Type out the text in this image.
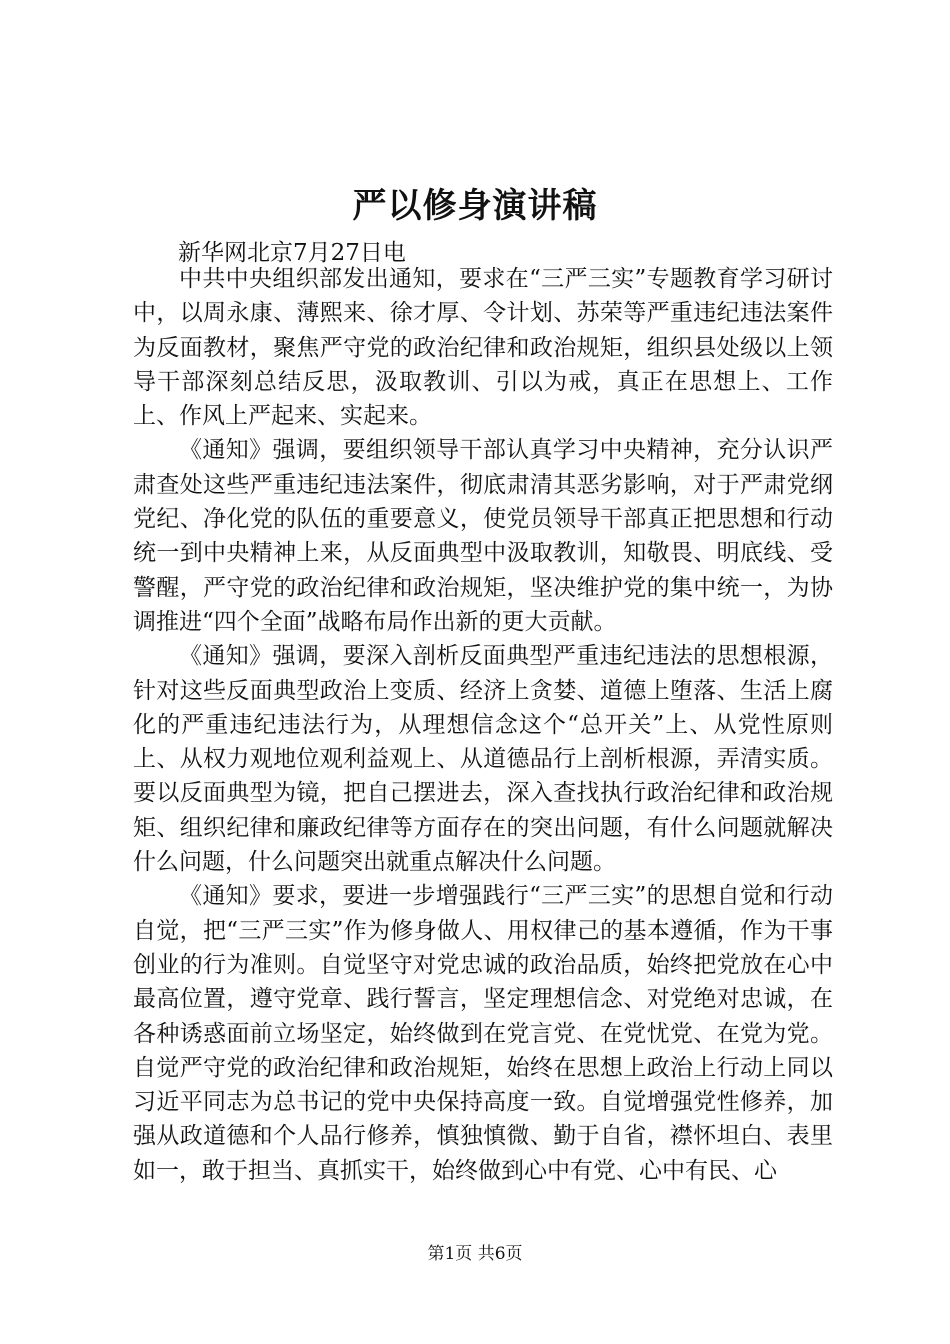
严以修身演讲稿
新华网北京7月27日电

中共中央组织部发出通知，要求在“三严三实”专题教育学习研讨中，以周永康、薄熙来、徐才厚、令计划、苏荣等严重违纪违法案件为反面教材，聚焦严守党的政治纪律和政治规矩，组织县处级以上领导干部深刻总结反思，汲取教训、引以为戒，真正在思想上、工作上、作风上严起来、实起来。

《通知》强调，要组织领导干部认真学习中央精神，充分认识严肃查处这些严重违纪违法案件，彻底肃清其恶劣影响，对于严肃党纲党纪、净化党的队伍的重要意义，使党员领导干部真正把思想和行动统一到中央精神上来，从反面典型中汲取教训，知敬畏、明底线、受警醒，严守党的政治纪律和政治规矩，坚决维护党的集中统一，为协调推进“四个全面”战略布局作出新的更大贡献。

《通知》强调，要深入剖析反面典型严重违纪违法的思想根源，针对这些反面典型政治上变质、经济上贪婪、道德上堕落、生活上腐化的严重违纪违法行为，从理想信念这个“总开关”上、从党性原则上、从权力观地位观利益观上、从道德品行上剖析根源，弄清实质。要以反面典型为镜，把自己摆进去，深入查找执行政治纪律和政治规矩、组织纪律和廉政纪律等方面存在的突出问题，有什么问题就解决什么问题，什么问题突出就重点解决什么问题。

《通知》要求，要进一步增强践行“三严三实”的思想自觉和行动自觉，把“三严三实”作为修身做人、用权律己的基本遵循，作为干事创业的行为准则。自觉坚守对党忠诚的政治品质，始终把党放在心中最高位置，遵守党章、践行誓言，坚定理想信念、对党绝对忠诚，在各种诱惑面前立场坚定，始终做到在党言党、在党忧党、在党为党。自觉严守党的政治纪律和政治规矩，始终在思想上政治上行动上同以习近平同志为总书记的党中央保持高度一致。自觉增强党性修养，加强从政道德和个人品行修养，慎独慎微、勤于自省，襟怀坦白、表里如一，敢于担当、真抓实干，始终做到心中有党、心中有民、心

第1页 共6页
